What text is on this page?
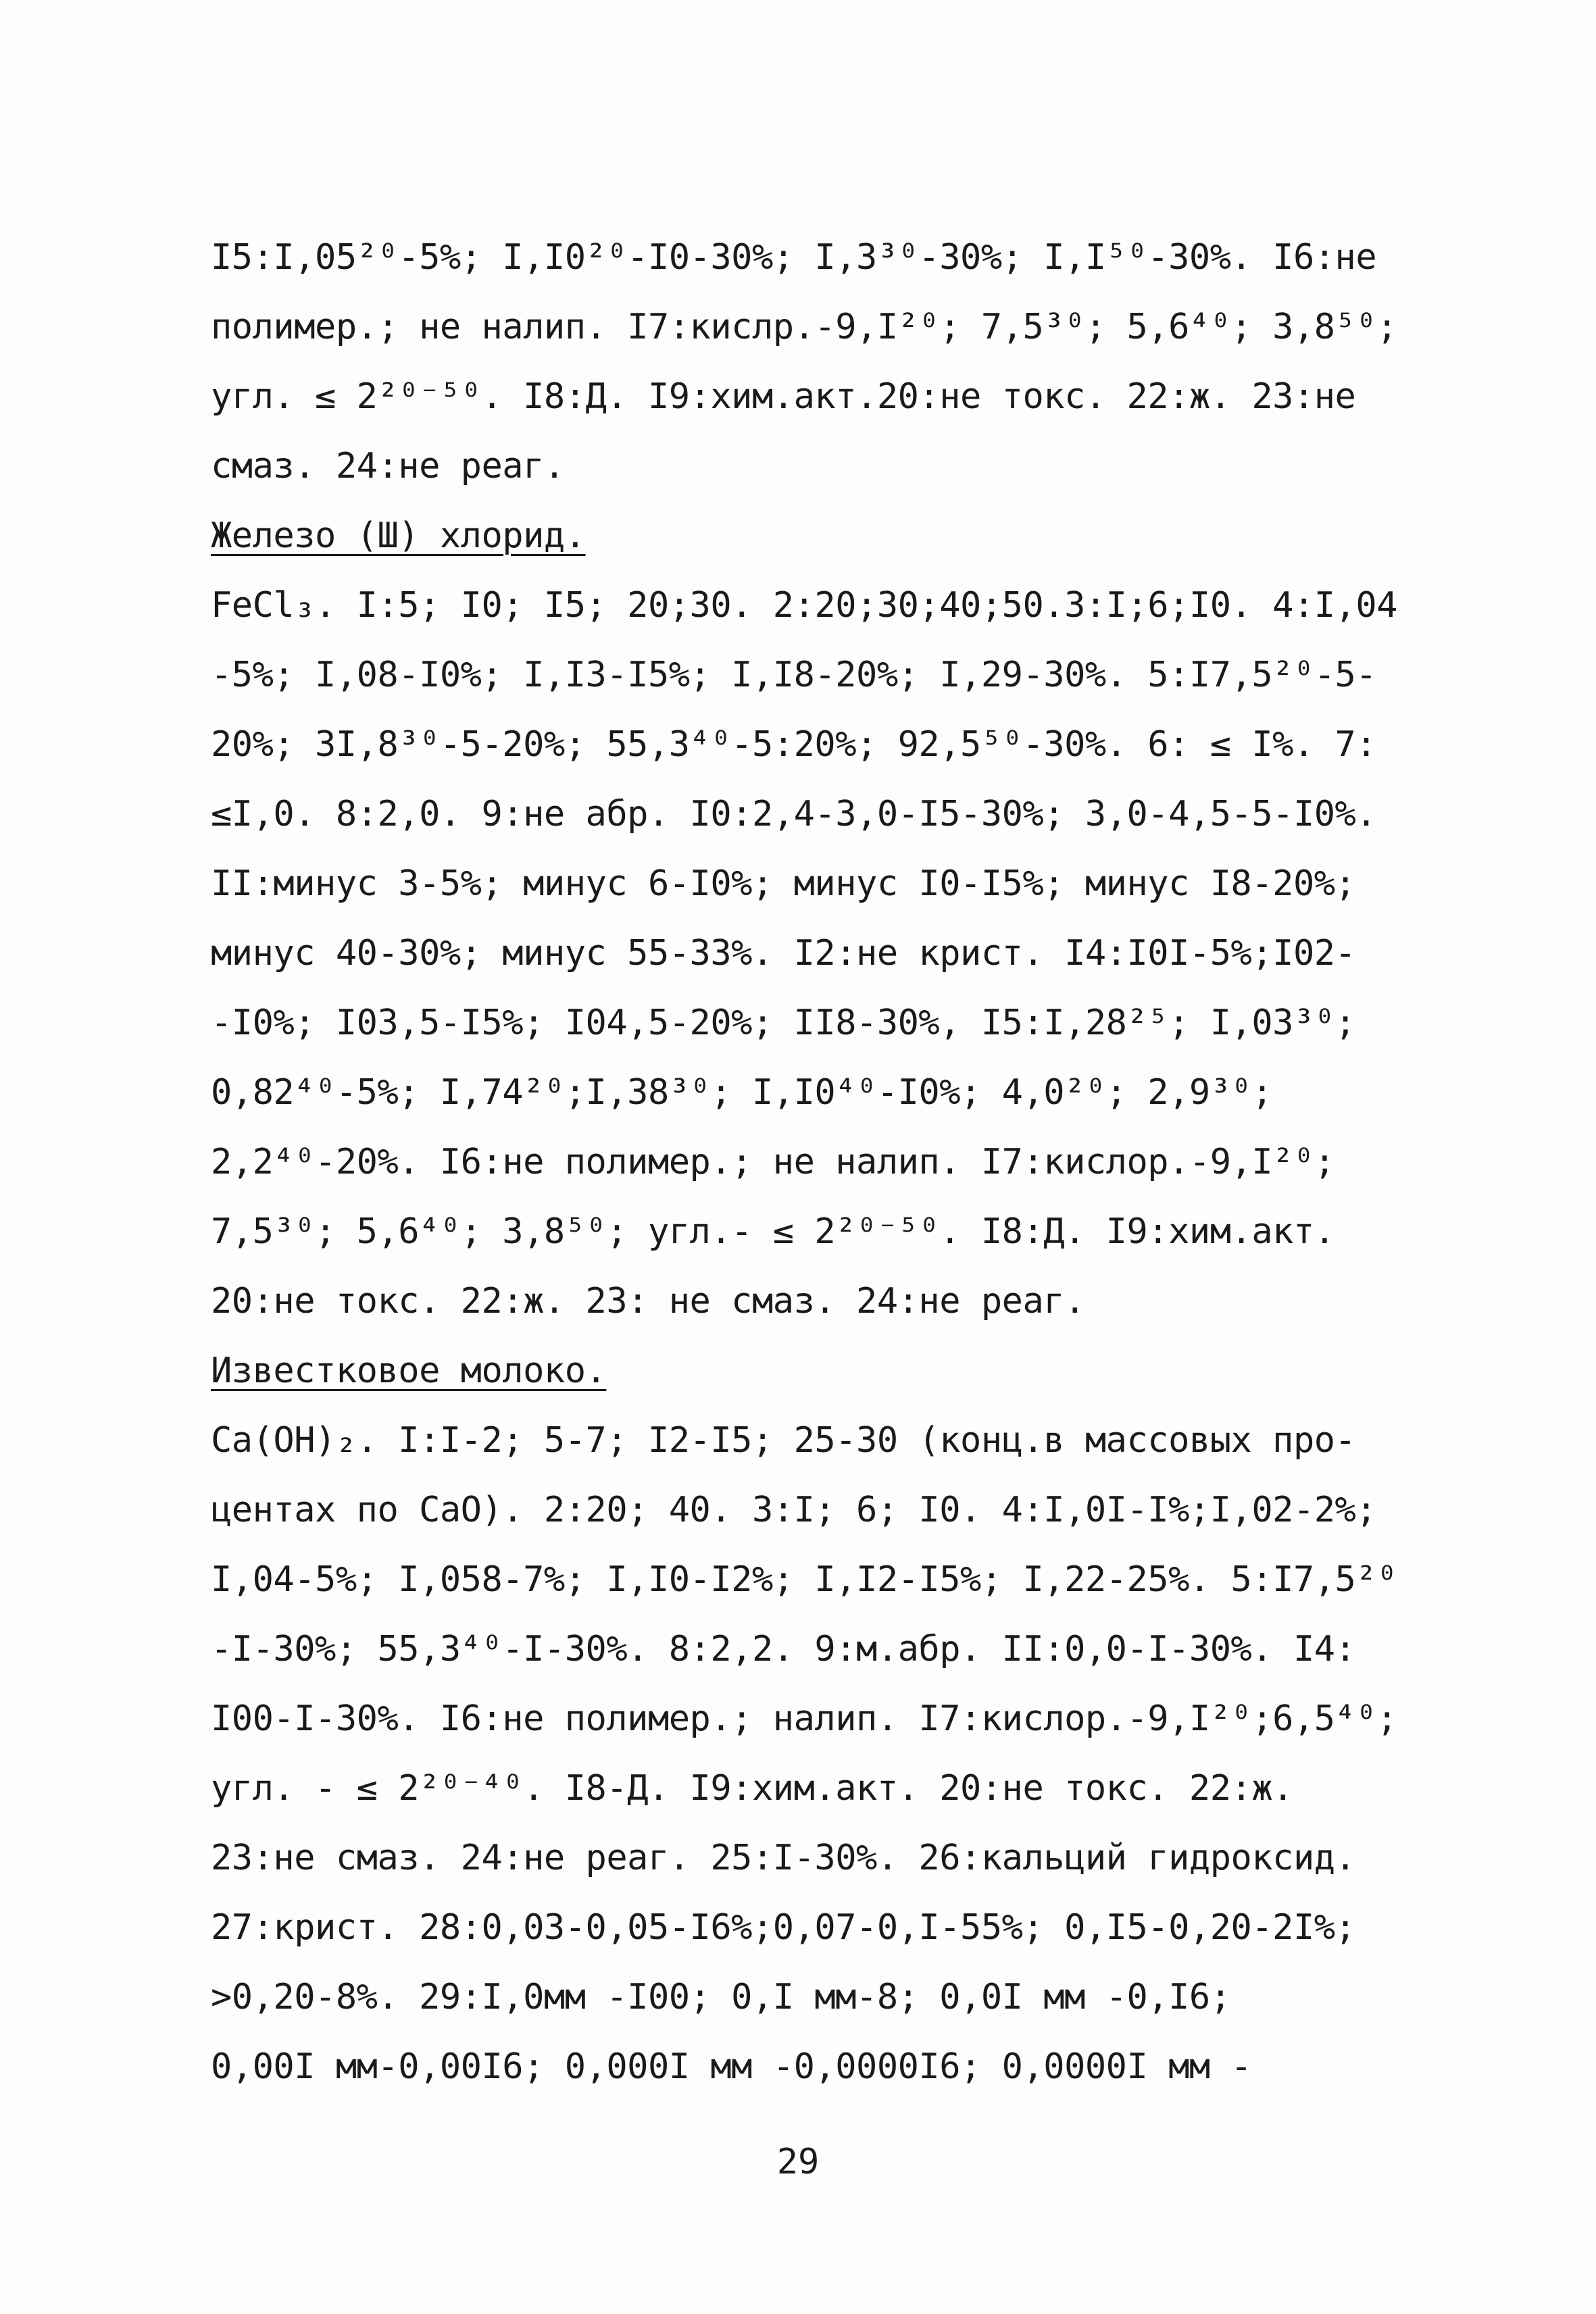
I5:I,05²⁰-5%; I,I0²⁰-I0-30%; I,3³⁰-30%; I,I⁵⁰-30%. I6:не
полимер.; не налип. I7:кислр.-9,I²⁰; 7,5³⁰; 5,6⁴⁰; 3,8⁵⁰;
угл. ≤ 2²⁰⁻⁵⁰. I8:Д. I9:хим.акт.20:не токс. 22:ж. 23:не
смаз. 24:не реаг.
Железо (Ш) хлорид.
FeCl₃. I:5; I0; I5; 20;30. 2:20;30;40;50.3:I;6;I0. 4:I,04
-5%; I,08-I0%; I,I3-I5%; I,I8-20%; I,29-30%. 5:I7,5²⁰-5-
20%; 3I,8³⁰-5-20%; 55,3⁴⁰-5:20%; 92,5⁵⁰-30%. 6: ≤ I%. 7:
≤I,0. 8:2,0. 9:не абр. I0:2,4-3,0-I5-30%; 3,0-4,5-5-I0%.
II:минус 3-5%; минус 6-I0%; минус I0-I5%; минус I8-20%;
минус 40-30%; минус 55-33%. I2:не крист. I4:I0I-5%;I02-
-I0%; I03,5-I5%; I04,5-20%; II8-30%, I5:I,28²⁵; I,03³⁰;
0,82⁴⁰-5%; I,74²⁰;I,38³⁰; I,I0⁴⁰-I0%; 4,0²⁰; 2,9³⁰;
2,2⁴⁰-20%. I6:не полимер.; не налип. I7:кислор.-9,I²⁰;
7,5³⁰; 5,6⁴⁰; 3,8⁵⁰; угл.- ≤ 2²⁰⁻⁵⁰. I8:Д. I9:хим.акт.
20:не токс. 22:ж. 23: не смаз. 24:не реаг.
Известковое молоко.
Ca(OH)₂. I:I-2; 5-7; I2-I5; 25-30 (конц.в массовых про-
центах по CaO). 2:20; 40. 3:I; 6; I0. 4:I,0I-I%;I,02-2%;
I,04-5%; I,058-7%; I,I0-I2%; I,I2-I5%; I,22-25%. 5:I7,5²⁰
-I-30%; 55,3⁴⁰-I-30%. 8:2,2. 9:м.абр. II:0,0-I-30%. I4:
I00-I-30%. I6:не полимер.; налип. I7:кислор.-9,I²⁰;6,5⁴⁰;
угл. - ≤ 2²⁰⁻⁴⁰. I8-Д. I9:хим.акт. 20:не токс. 22:ж.
23:не смаз. 24:не реаг. 25:I-30%. 26:кальций гидроксид.
27:крист. 28:0,03-0,05-I6%;0,07-0,I-55%; 0,I5-0,20-2I%;
>0,20-8%. 29:I,0мм -I00; 0,I мм-8; 0,0I мм -0,I6;
0,00I мм-0,00I6; 0,000I мм -0,0000I6; 0,0000I мм -
29
